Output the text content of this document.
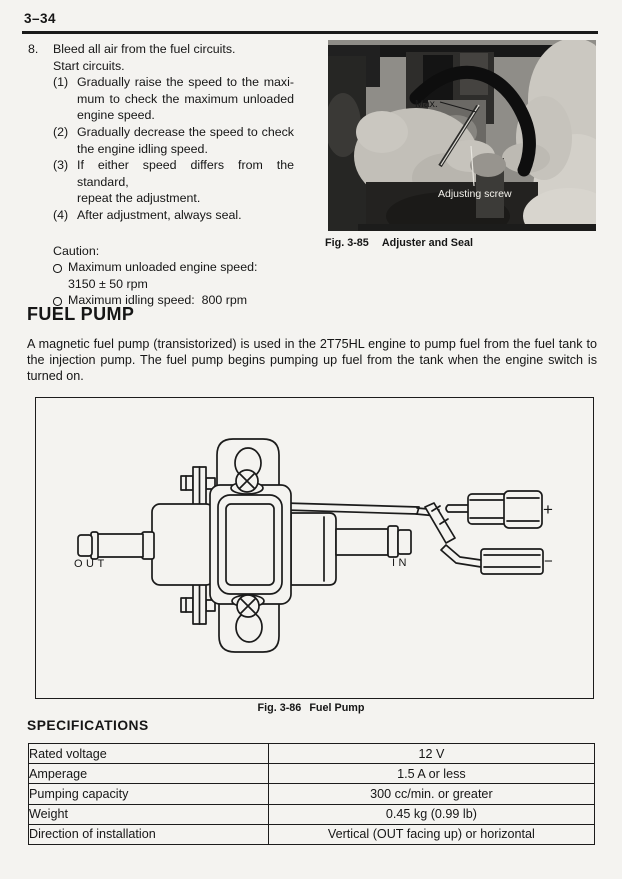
3–34
8.	Bleed all air from the fuel circuits.
Start circuits.
(1) Gradually raise the speed to the maxi-
mum to check the maximum unloaded
engine speed.
(2) Gradually decrease the speed to check
the engine idling speed.
(3) If either speed differs from the standard,
repeat the adjustment.
(4) After adjustment, always seal.
Caution:
Maximum unloaded engine speed:
3150 ± 50 rpm
Maximum idling speed:  800 rpm
Max.
Adjusting screw
Fig. 3-85 Adjuster and Seal
FUEL PUMP
A magnetic fuel pump (transistorized) is used in the 2T75HL engine to pump fuel from the fuel tank to
the injection pump. The fuel pump begins pumping up fuel from the tank when the engine switch is
turned on.
OUT	IN
+
−
Fig. 3-86 Fuel Pump
SPECIFICATIONS
Rated voltage	12 V
Amperage	1.5 A or less
Pumping capacity	300 cc/min. or greater
Weight	0.45 kg (0.99 lb)
Direction of installation	Vertical (OUT facing up) or horizontal
